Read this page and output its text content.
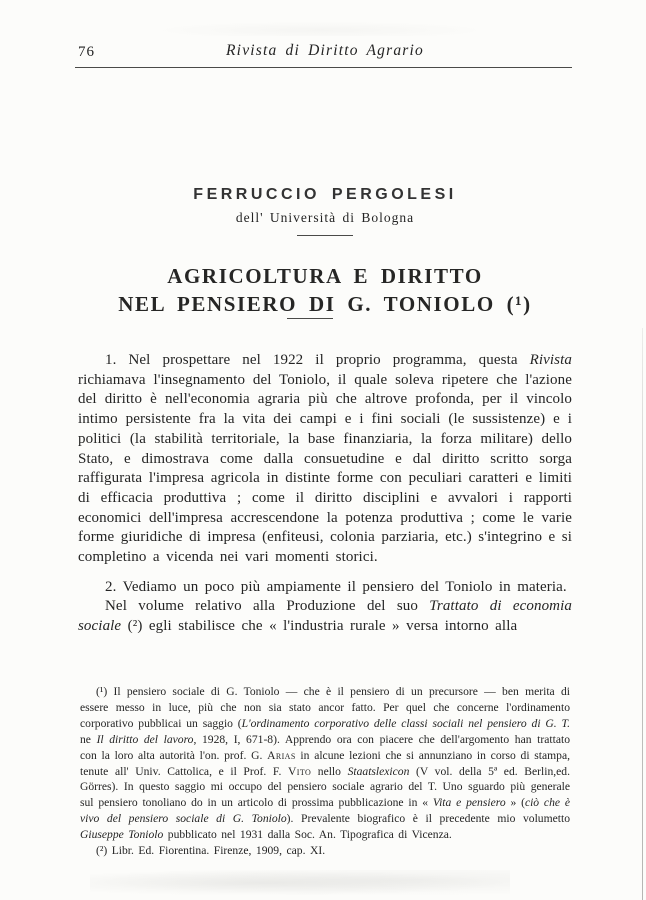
76	Rivista di Diritto Agrario
FERRUCCIO PERGOLESI
dell' Università di Bologna
AGRICOLTURA E DIRITTO
NEL PENSIERO DI G. TONIOLO (¹)

1. Nel prospettare nel 1922 il proprio programma, questa Rivista richiamava l'insegnamento del Toniolo, il quale soleva ripetere che l'azione del diritto è nell'economia agraria più che altrove profonda, per il vincolo intimo persistente fra la vita dei campi e i fini sociali (le sussistenze) e i politici (la stabilità territoriale, la base finanziaria, la forza militare) dello Stato, e dimostrava come dalla consuetudine e dal diritto scritto sorga raffigurata l'impresa agricola in distinte forme con peculiari caratteri e limiti di efficacia produttiva ; come il diritto disciplini e avvalori i rapporti economici dell'impresa accrescendone la potenza produttiva ; come le varie forme giuridiche di impresa (enfiteusi, colonia parziaria, etc.) s'integrino e si completino a vicenda nei vari momenti storici.

2. Vediamo un poco più ampiamente il pensiero del Toniolo in materia.

Nel volume relativo alla Produzione del suo Trattato di economia sociale (²) egli stabilisce che « l'industria rurale » versa intorno alla

(¹) Il pensiero sociale di G. Toniolo — che è il pensiero di un precursore — ben merita di essere messo in luce, più che non sia stato ancor fatto. Per quel che concerne l'ordinamento corporativo pubblicai un saggio (L'ordinamento corporativo delle classi sociali nel pensiero di G. T. ne Il diritto del lavoro, 1928, I, 671-8). Apprendo ora con piacere che dell'argomento han trattato con la loro alta autorità l'on. prof. G. Arias in alcune lezioni che si annunziano in corso di stampa, tenute all' Univ. Cattolica, e il Prof. F. Vito nello Staatslexicon (V vol. della 5ª ed. Berlin,ed. Görres). In questo saggio mi occupo del pensiero sociale agrario del T. Uno sguardo più generale sul pensiero tonoliano do in un articolo di prossima pubblicazione in « Vita e pensiero » (ciò che è vivo del pensiero sociale di G. Toniolo). Prevalente biografico è il precedente mio volumetto Giuseppe Toniolo pubblicato nel 1931 dalla Soc. An. Tipografica di Vicenza.

(²) Libr. Ed. Fiorentina. Firenze, 1909, cap. XI.
